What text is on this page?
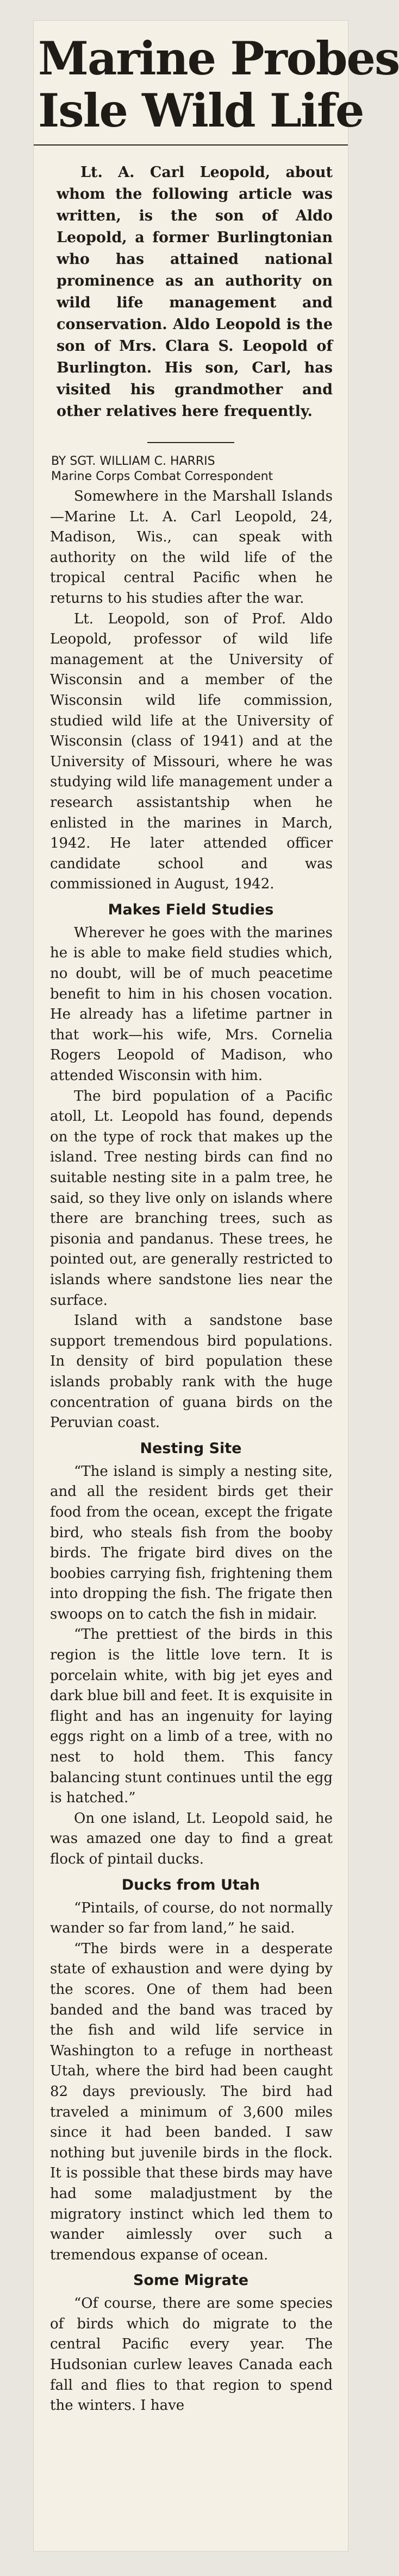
Marine Probes
Isle Wild Life
Lt. A. Carl Leopold, about whom the following article was written, is the son of Aldo Leopold, a former Burlingtonian who has attained national prominence as an authority on wild life management and conservation. Aldo Leopold is the son of Mrs. Clara S. Leopold of Burlington. His son, Carl, has visited his grandmother and other relatives here frequently.
BY SGT. WILLIAM C. HARRIS
Marine Corps Combat Correspondent
Somewhere in the Marshall Islands—Marine Lt. A. Carl Leopold, 24, Madison, Wis., can speak with authority on the wild life of the tropical central Pacific when he returns to his studies after the war.
Lt. Leopold, son of Prof. Aldo Leopold, professor of wild life management at the University of Wisconsin and a member of the Wisconsin wild life commission, studied wild life at the University of Wisconsin (class of 1941) and at the University of Missouri, where he was studying wild life management under a research assistantship when he enlisted in the marines in March, 1942. He later attended officer candidate school and was commissioned in August, 1942.
Makes Field Studies
Wherever he goes with the marines he is able to make field studies which, no doubt, will be of much peacetime benefit to him in his chosen vocation. He already has a lifetime partner in that work—his wife, Mrs. Cornelia Rogers Leopold of Madison, who attended Wisconsin with him.
The bird population of a Pacific atoll, Lt. Leopold has found, depends on the type of rock that makes up the island. Tree nesting birds can find no suitable nesting site in a palm tree, he said, so they live only on islands where there are branching trees, such as pisonia and pandanus. These trees, he pointed out, are generally restricted to islands where sandstone lies near the surface.
Island with a sandstone base support tremendous bird populations. In density of bird population these islands probably rank with the huge concentration of guana birds on the Peruvian coast.
Nesting Site
“The island is simply a nesting site, and all the resident birds get their food from the ocean, except the frigate bird, who steals fish from the booby birds. The frigate bird dives on the boobies carrying fish, frightening them into dropping the fish. The frigate then swoops on to catch the fish in midair.
“The prettiest of the birds in this region is the little love tern. It is porcelain white, with big jet eyes and dark blue bill and feet. It is exquisite in flight and has an ingenuity for laying eggs right on a limb of a tree, with no nest to hold them. This fancy balancing stunt continues until the egg is hatched.”
On one island, Lt. Leopold said, he was amazed one day to find a great flock of pintail ducks.
Ducks from Utah
“Pintails, of course, do not normally wander so far from land,” he said.
“The birds were in a desperate state of exhaustion and were dying by the scores. One of them had been banded and the band was traced by the fish and wild life service in Washington to a refuge in northeast Utah, where the bird had been caught 82 days previously. The bird had traveled a minimum of 3,600 miles since it had been banded. I saw nothing but juvenile birds in the flock. It is possible that these birds may have had some maladjustment by the migratory instinct which led them to wander aimlessly over such a tremendous expanse of ocean.
Some Migrate
“Of course, there are some species of birds which do migrate to the central Pacific every year. The Hudsonian curlew leaves Canada each fall and flies to that region to spend the winters. I have
